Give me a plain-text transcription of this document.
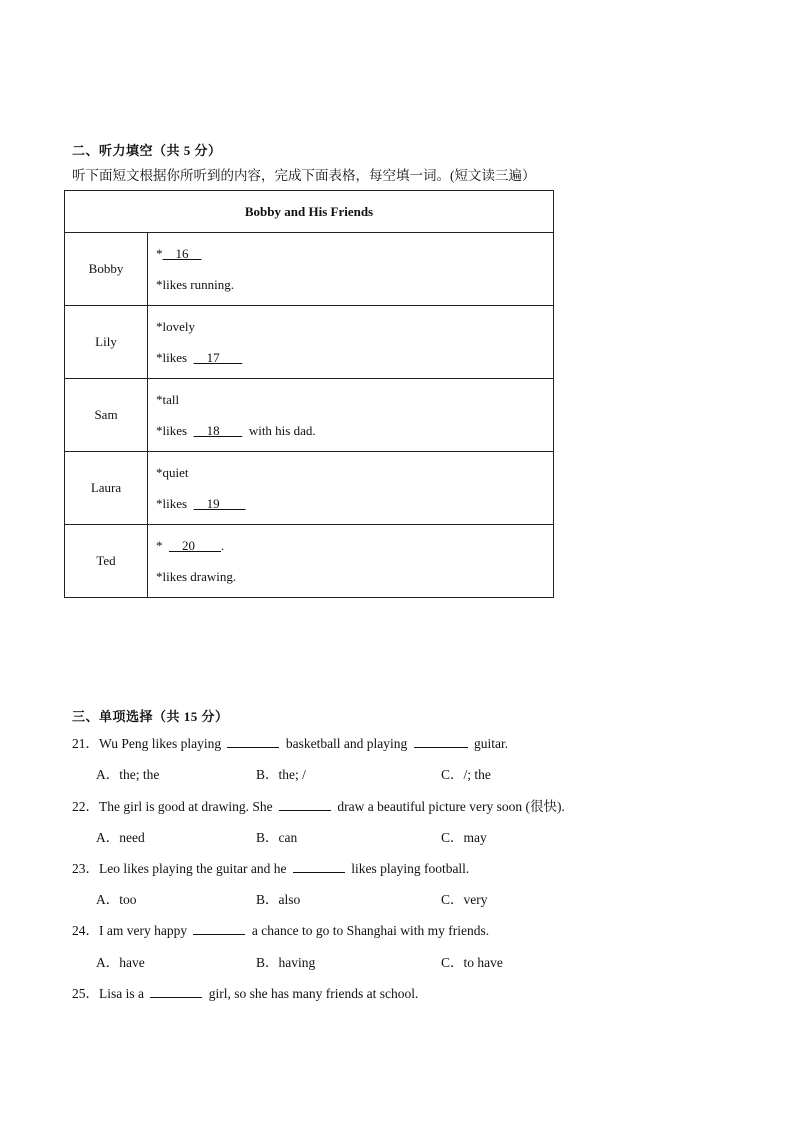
二、听力填空（共 5 分）
听下面短文根据你所听到的内容，完成下面表格，每空填一词。(短文读三遍）
Bobby and His Friends	
Bobby	*    16
*likes running.

Lily	*lovely
*likes      17

Sam	*tall
*likes      18         with his dad.

Laura	*quiet
*likes      19

Ted	*      20        .
*likes drawing.
三、单项选择（共 15 分）
21．Wu Peng likes playing	basketball and playing	guitar.
A．the; the	B．the; /	C．/; the
22．The girl is good at drawing. She	draw a beautiful picture very soon (很快).
A．need	B．can	C．may
23．Leo likes playing the guitar and he	likes playing football.
A．too	B．also	C．very
24．I am very happy	a chance to go to Shanghai with my friends.
A．have	B．having	C．to have
25．Lisa is a	girl, so she has many friends at school.
